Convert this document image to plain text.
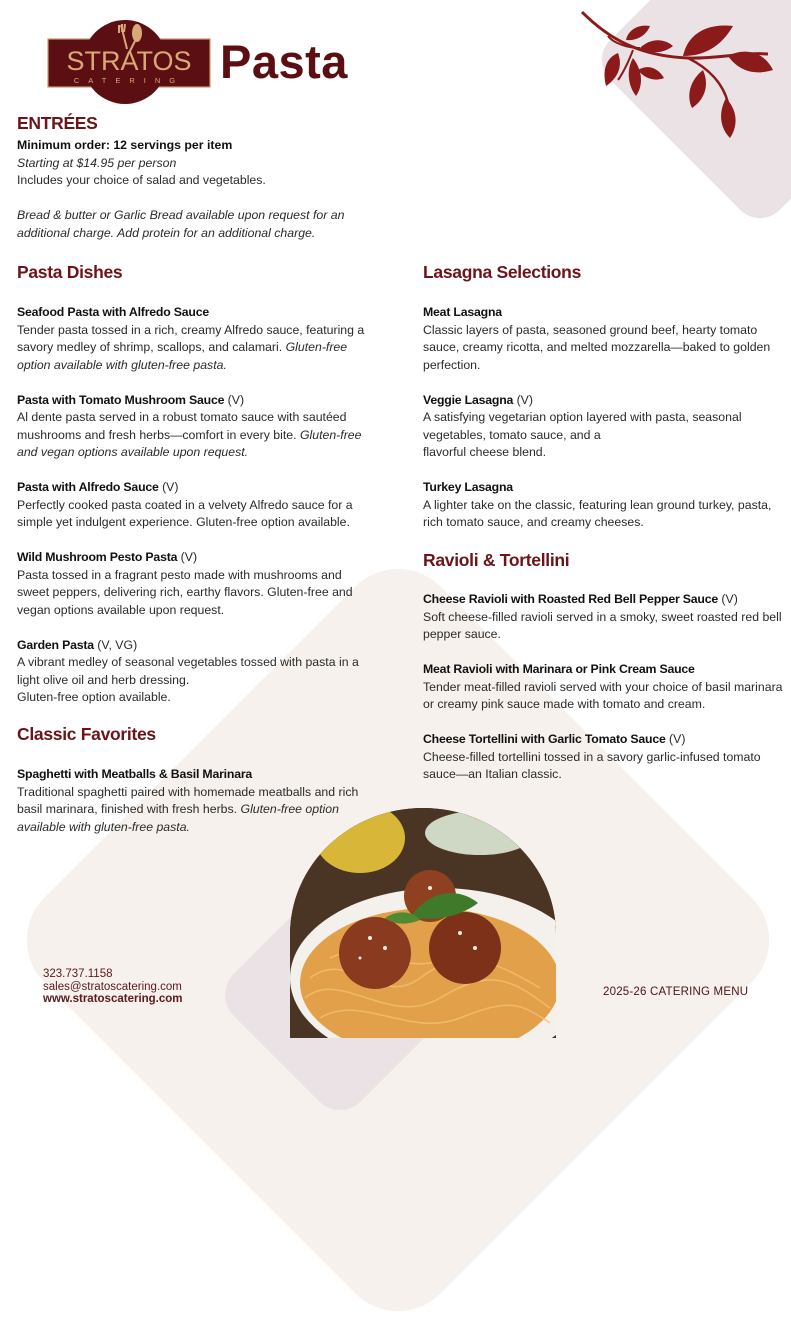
STRATOS
CATERING Pasta
ENTRÉES
Minimum order: 12 servings per item
Starting at $14.95 per person
Includes your choice of salad and vegetables.
Bread & butter or Garlic Bread available upon request for an additional charge. Add protein for an additional charge.
Pasta Dishes
Seafood Pasta with Alfredo Sauce
Tender pasta tossed in a rich, creamy Alfredo sauce, featuring a savory medley of shrimp, scallops, and calamari. Gluten-free option available with gluten-free pasta.
Pasta with Tomato Mushroom Sauce (V)
Al dente pasta served in a robust tomato sauce with sautéed mushrooms and fresh herbs—comfort in every bite. Gluten-free and vegan options available upon request.
Pasta with Alfredo Sauce (V)
Perfectly cooked pasta coated in a velvety Alfredo sauce for a simple yet indulgent experience. Gluten-free option available.
Wild Mushroom Pesto Pasta (V)
Pasta tossed in a fragrant pesto made with mushrooms and sweet peppers, delivering rich, earthy flavors. Gluten-free and vegan options available upon request.
Garden Pasta (V, VG)
A vibrant medley of seasonal vegetables tossed with pasta in a light olive oil and herb dressing.
Gluten-free option available.
Classic Favorites
Spaghetti with Meatballs & Basil Marinara
Traditional spaghetti paired with homemade meatballs and rich basil marinara, finished with fresh herbs. Gluten-free option available with gluten-free pasta.
Lasagna Selections
Meat Lasagna
Classic layers of pasta, seasoned ground beef, hearty tomato sauce, creamy ricotta, and melted mozzarella—baked to golden perfection.
Veggie Lasagna (V)
A satisfying vegetarian option layered with pasta, seasonal vegetables, tomato sauce, and a
flavorful cheese blend.
Turkey Lasagna
A lighter take on the classic, featuring lean ground turkey, pasta, rich tomato sauce, and creamy cheeses.
Ravioli & Tortellini
Cheese Ravioli with Roasted Red Bell Pepper Sauce (V)
Soft cheese-filled ravioli served in a smoky, sweet roasted red bell pepper sauce.
Meat Ravioli with Marinara or Pink Cream Sauce
Tender meat-filled ravioli served with your choice of basil marinara or creamy pink sauce made with tomato and cream.
Cheese Tortellini with Garlic Tomato Sauce (V)
Cheese-filled tortellini tossed in a savory garlic-infused tomato sauce—an Italian classic.
323.737.1158
sales@stratoscatering.com
www.stratoscatering.com
2025-26 CATERING MENU
